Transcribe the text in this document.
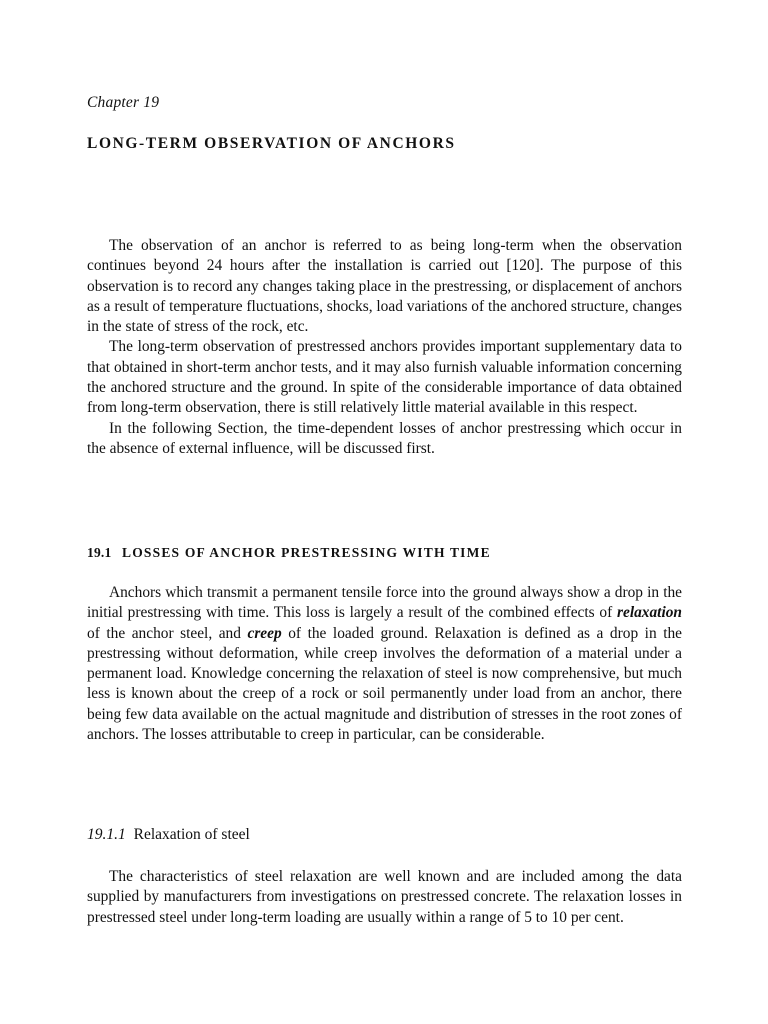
Chapter 19
LONG-TERM OBSERVATION OF ANCHORS

The observation of an anchor is referred to as being long-term when the observation continues beyond 24 hours after the installation is carried out [120]. The purpose of this observation is to record any changes taking place in the prestressing, or displacement of anchors as a result of temperature fluctuations, shocks, load variations of the anchored structure, changes in the state of stress of the rock, etc.

The long-term observation of prestressed anchors provides important supplementary data to that obtained in short-term anchor tests, and it may also furnish valuable information concerning the anchored structure and the ground. In spite of the considerable importance of data obtained from long-term observation, there is still relatively little material available in this respect.

In the following Section, the time-dependent losses of anchor prestressing which occur in the absence of external influence, will be discussed first.

19.1 LOSSES OF ANCHOR PRESTRESSING WITH TIME

Anchors which transmit a permanent tensile force into the ground always show a drop in the initial prestressing with time. This loss is largely a result of the combined effects of relaxation of the anchor steel, and creep of the loaded ground. Relaxation is defined as a drop in the prestressing without deformation, while creep involves the deformation of a material under a permanent load. Knowledge concerning the relaxation of steel is now comprehensive, but much less is known about the creep of a rock or soil permanently under load from an anchor, there being few data available on the actual magnitude and distribution of stresses in the root zones of anchors. The losses attributable to creep in particular, can be considerable.

19.1.1 Relaxation of steel

The characteristics of steel relaxation are well known and are included among the data supplied by manufacturers from investigations on prestressed concrete. The relaxation losses in prestressed steel under long-term loading are usually within a range of 5 to 10 per cent.
